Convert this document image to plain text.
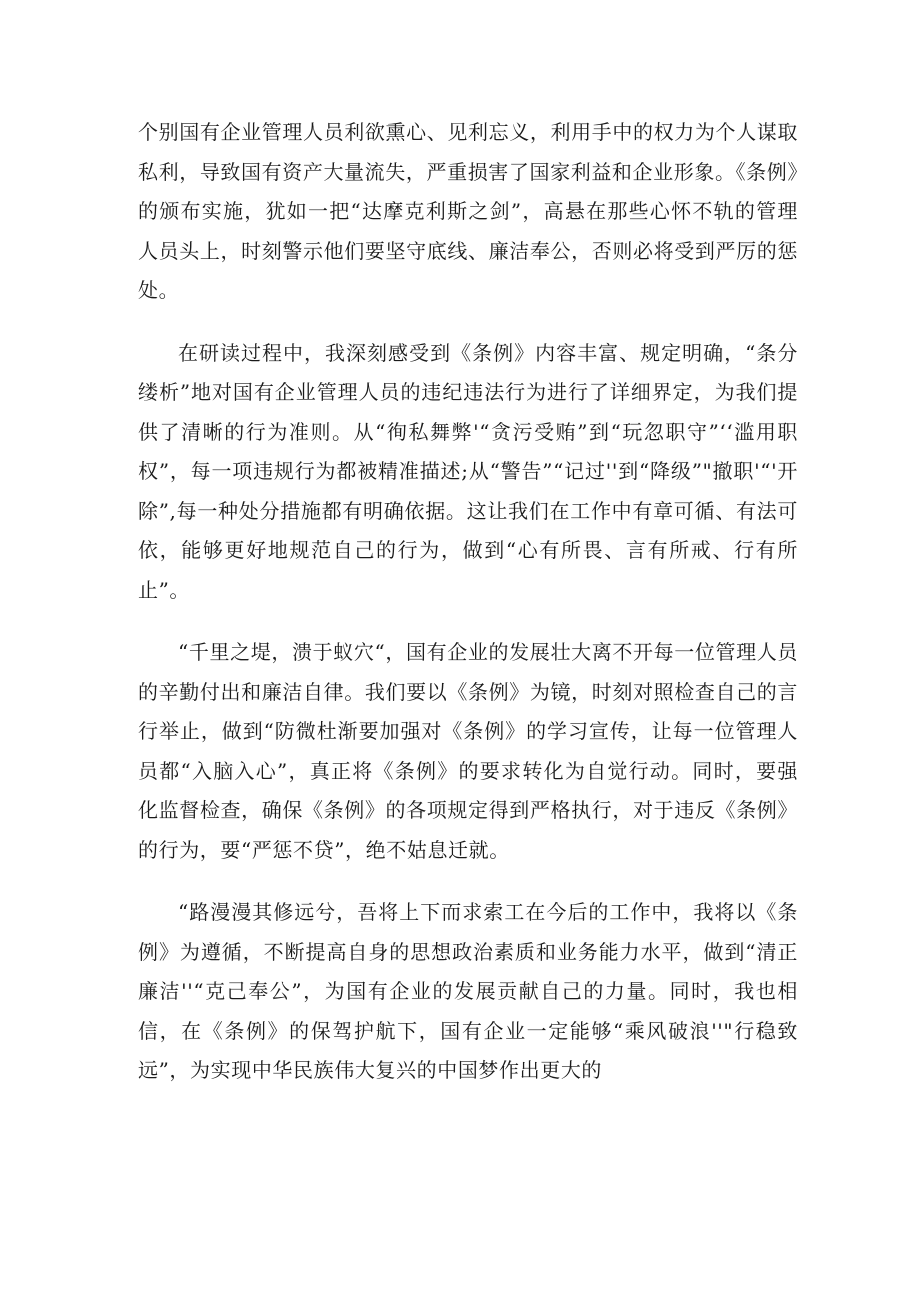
个别国有企业管理人员利欲熏心、见利忘义，利用手中的权力为个人谋取私利，导致国有资产大量流失，严重损害了国家利益和企业形象。《条例》的颁布实施，犹如一把“达摩克利斯之剑”，高悬在那些心怀不轨的管理人员头上，时刻警示他们要坚守底线、廉洁奉公，否则必将受到严厉的惩处。

在研读过程中，我深刻感受到《条例》内容丰富、规定明确，“条分缕析”地对国有企业管理人员的违纪违法行为进行了详细界定，为我们提供了清晰的行为准则。从“徇私舞弊'“贪污受贿”到“玩忽职守”‘‘滥用职权”，每一项违规行为都被精准描述;从“警告”“记过''到“降级”"撤职'“'开除”,每一种处分措施都有明确依据。这让我们在工作中有章可循、有法可依，能够更好地规范自己的行为，做到“心有所畏、言有所戒、行有所止”。

“千里之堤，溃于蚁穴“，国有企业的发展壮大离不开每一位管理人员的辛勤付出和廉洁自律。我们要以《条例》为镜，时刻对照检查自己的言行举止，做到“防微杜渐要加强对《条例》的学习宣传，让每一位管理人员都“入脑入心”，真正将《条例》的要求转化为自觉行动。同时，要强化监督检查，确保《条例》的各项规定得到严格执行，对于违反《条例》的行为，要“严惩不贷”，绝不姑息迁就。

“路漫漫其修远兮，吾将上下而求索工在今后的工作中，我将以《条例》为遵循，不断提高自身的思想政治素质和业务能力水平，做到“清正廉洁''“克己奉公”，为国有企业的发展贡献自己的力量。同时，我也相信，在《条例》的保驾护航下，国有企业一定能够“乘风破浪''"行稳致远”，为实现中华民族伟大复兴的中国梦作出更大的
